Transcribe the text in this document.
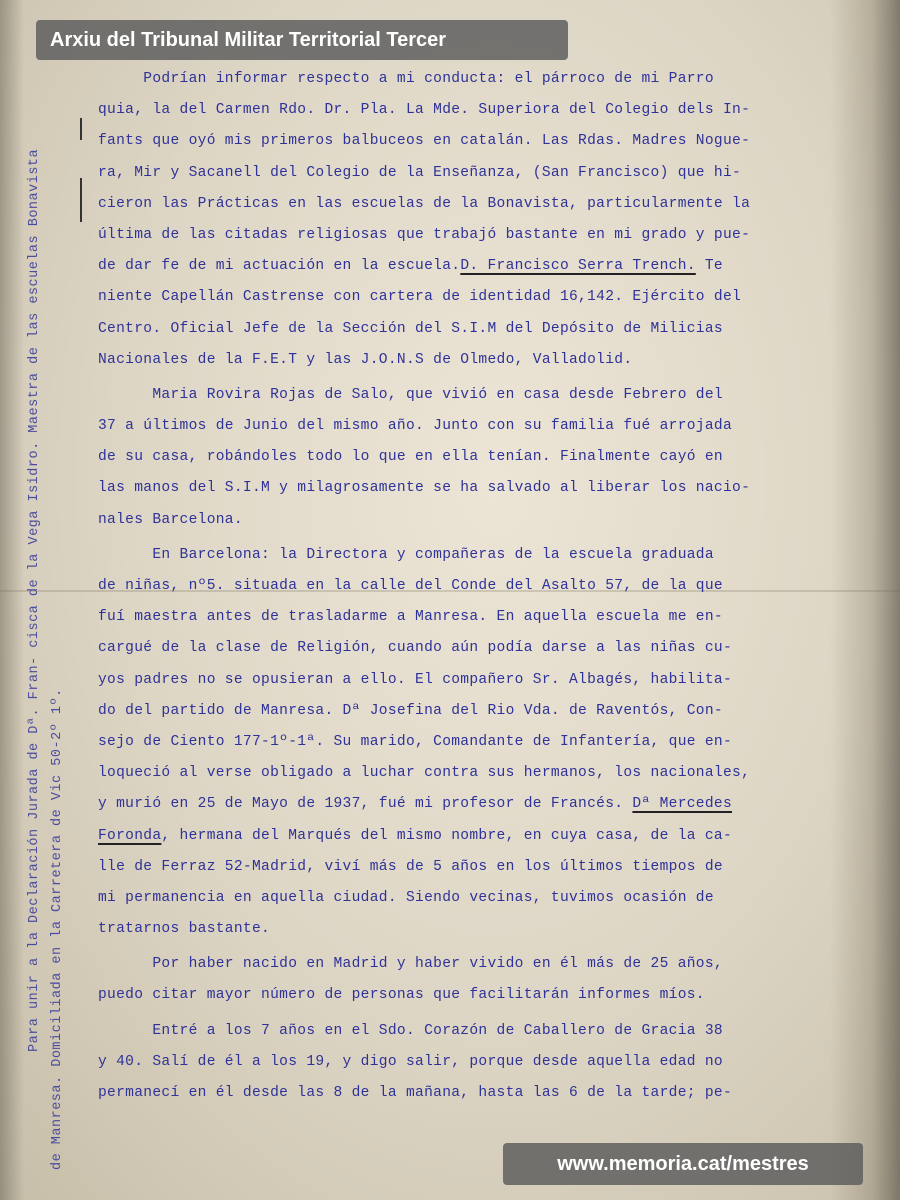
Para unir a la Declaración Jurada de Dª. Fran- cisca de la Vega Isidro. Maestra de las escuelas Bonavista de Manresa. Domiciliada en la Carretera de Vic 50-2º 1º.
Podrían informar respecto a mi conducta: el párroco de mi Parro
quia, la del Carmen Rdo. Dr. Pla. La Mde. Superiora del Colegio dels In-
fants que oyó mis primeros balbuceos en catalán. Las Rdas. Madres Nogue-
ra, Mir y Sacanell del Colegio de la Enseñanza, (San Francisco) que hi-
cieron las Prácticas en las escuelas de la Bonavista, particularmente la
última de las citadas religiosas que trabajó bastante en mi grado y pue-
de dar fe de mi actuación en la escuela.D. Francisco Serra Trench. Te
niente Capellán Castrense con cartera de identidad 16,142. Ejército del
Centro. Oficial Jefe de la Sección del S.I.M del Depósito de Milicias
Nacionales de la F.E.T y las J.O.N.S de Olmedo, Valladolid.
Maria Rovira Rojas de Salo, que vivió en casa desde Febrero del
37 a últimos de Junio del mismo año. Junto con su familia fué arrojada
de su casa, robándoles todo lo que en ella tenían. Finalmente cayó en
las manos del S.I.M y milagrosamente se ha salvado al liberar los nacio-
nales Barcelona.
En Barcelona: la Directora y compañeras de la escuela graduada
de niñas, nº5. situada en la calle del Conde del Asalto 57, de la que
fuí maestra antes de trasladarme a Manresa. En aquella escuela me en-
cargué de la clase de Religión, cuando aún podía darse a las niñas cu-
yos padres no se opusieran a ello. El compañero Sr. Albagés, habilita-
do del partido de Manresa. Dª Josefina del Rio Vda. de Raventós, Con-
sejo de Ciento 177-1º-1ª. Su marido, Comandante de Infantería, que en-
loqueció al verse obligado a luchar contra sus hermanos, los nacionales,
y murió en 25 de Mayo de 1937, fué mi profesor de Francés. Dª Mercedes
Foronda, hermana del Marqués del mismo nombre, en cuya casa, de la ca-
lle de Ferraz 52-Madrid, viví más de 5 años en los últimos tiempos de
mi permanencia en aquella ciudad. Siendo vecinas, tuvimos ocasión de
tratarnos bastante.
Por haber nacido en Madrid y haber vivido en él más de 25 años,
puedo citar mayor número de personas que facilitarán informes míos.
Entré a los 7 años en el Sdo. Corazón de Caballero de Gracia 38
y 40. Salí de él a los 19, y digo salir, porque desde aquella edad no
permanecí en él desde las 8 de la mañana, hasta las 6 de la tarde; pe-
Arxiu del Tribunal Militar Territorial Tercer
www.memoria.cat/mestres
